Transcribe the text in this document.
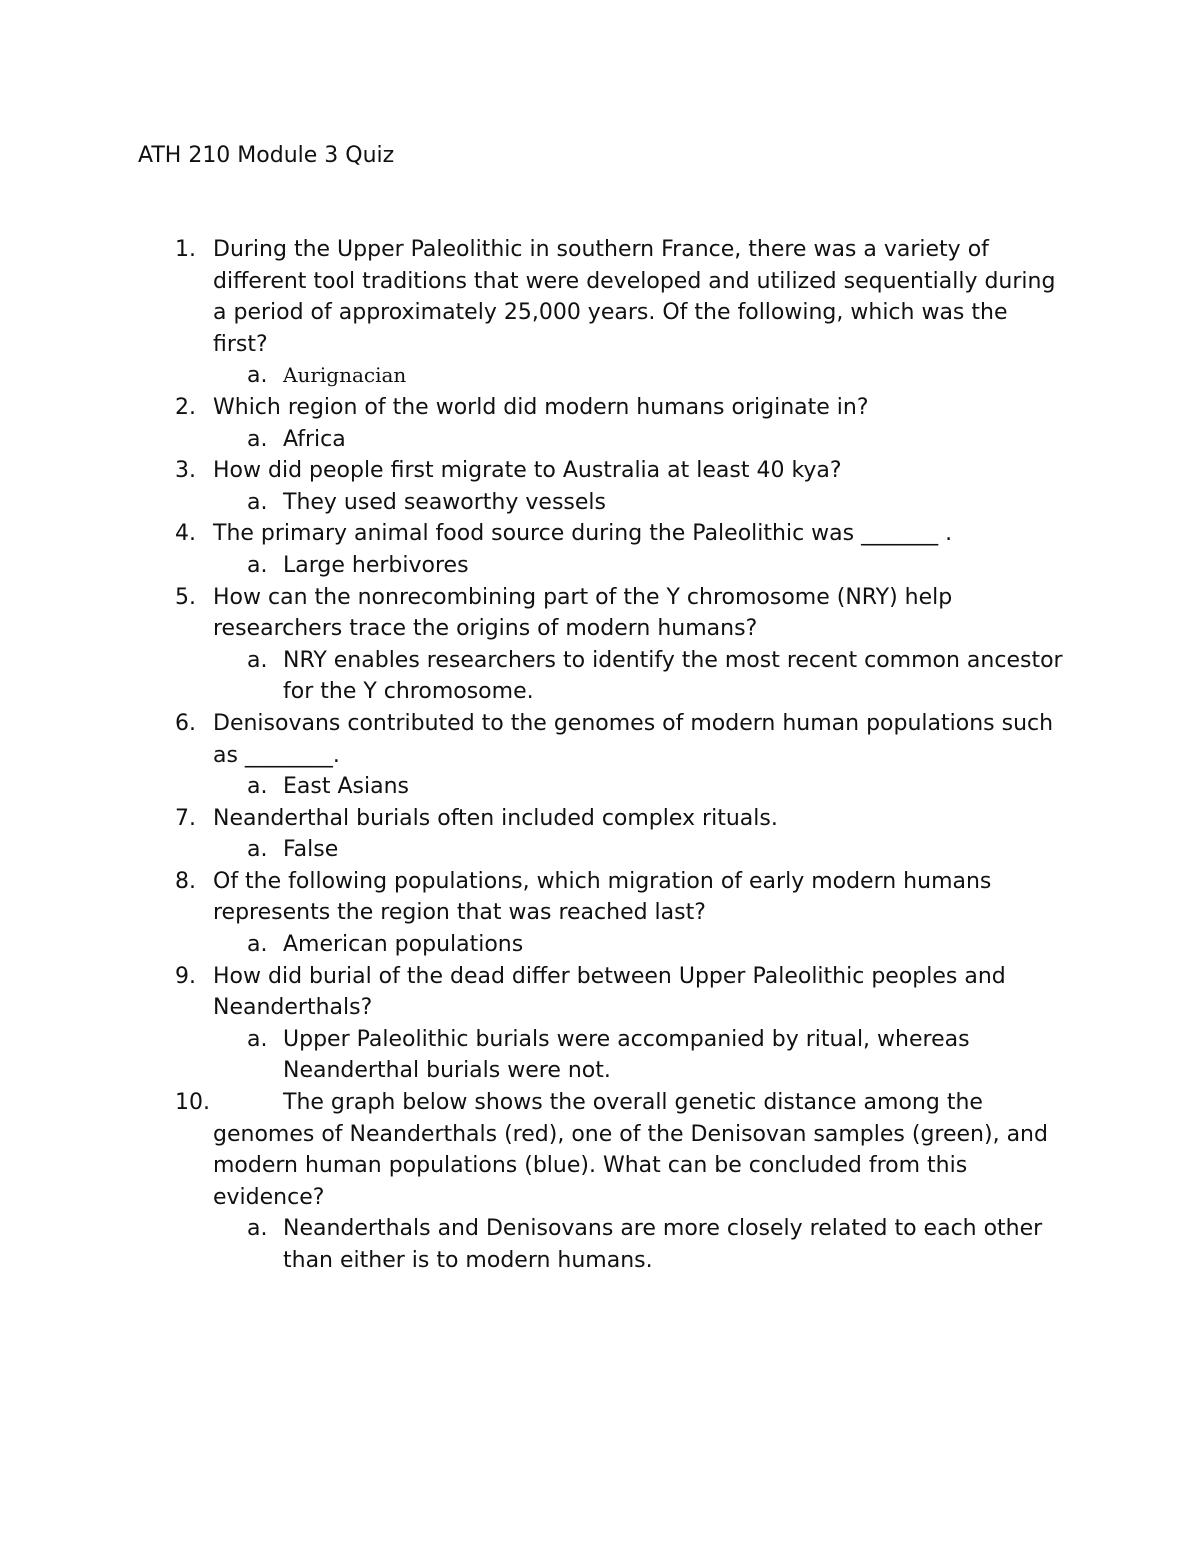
ATH 210 Module 3 Quiz
1. During the Upper Paleolithic in southern France, there was a variety of different tool traditions that were developed and utilized sequentially during a period of approximately 25,000 years. Of the following, which was the first?
a. Aurignacian
2. Which region of the world did modern humans originate in?
a. Africa
3. How did people first migrate to Australia at least 40 kya?
a. They used seaworthy vessels
4. The primary animal food source during the Paleolithic was _______ .
a. Large herbivores
5. How can the nonrecombining part of the Y chromosome (NRY) help researchers trace the origins of modern humans?
a. NRY enables researchers to identify the most recent common ancestor for the Y chromosome.
6. Denisovans contributed to the genomes of modern human populations such as ________.
a. East Asians
7. Neanderthal burials often included complex rituals.
a. False
8. Of the following populations, which migration of early modern humans represents the region that was reached last?
a. American populations
9. How did burial of the dead differ between Upper Paleolithic peoples and Neanderthals?
a. Upper Paleolithic burials were accompanied by ritual, whereas Neanderthal burials were not.
10.	The graph below shows the overall genetic distance among the genomes of Neanderthals (red), one of the Denisovan samples (green), and modern human populations (blue). What can be concluded from this evidence?
a. Neanderthals and Denisovans are more closely related to each other than either is to modern humans.
